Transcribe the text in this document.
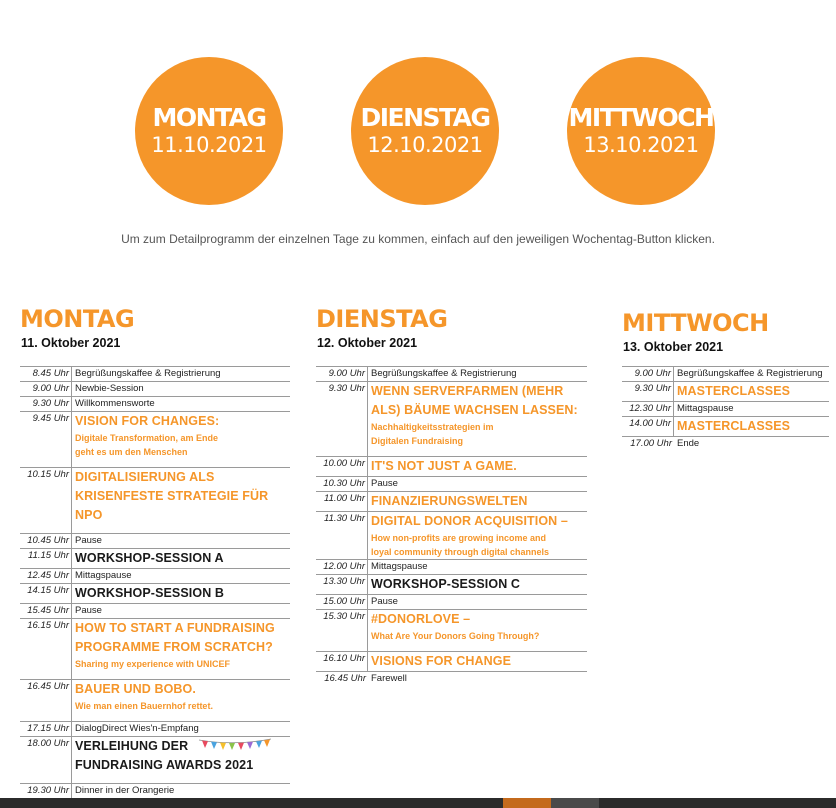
MONTAG
11.10.2021
DIENSTAG
12.10.2021
MITTWOCH
13.10.2021

Um zum Detailprogramm der einzelnen Tage zu kommen, einfach auf den jeweiligen Wochentag-Button klicken.

MONTAG
11. Oktober 2021
8.45 Uhr Begrüßungskaffee & Registrierung
9.00 Uhr Newbie-Session
9.30 Uhr Willkommensworte
9.45 Uhr VISION FOR CHANGES:
Digitale Transformation, am Ende
geht es um den Menschen
10.15 Uhr DIGITALISIERUNG ALS
KRISENFESTE STRATEGIE FÜR NPO
10.45 Uhr Pause
11.15 Uhr WORKSHOP-SESSION A
12.45 Uhr Mittagspause
14.15 Uhr WORKSHOP-SESSION B
15.45 Uhr Pause
16.15 Uhr HOW TO START A FUNDRAISING
PROGRAMME FROM SCRATCH?
Sharing my experience with UNICEF
16.45 Uhr BAUER UND BOBO.
Wie man einen Bauernhof rettet.
17.15 Uhr DialogDirect Wies'n-Empfang
18.00 Uhr VERLEIHUNG DER
FUNDRAISING AWARDS 2021
19.30 Uhr Dinner in der Orangerie
DIENSTAG
12. Oktober 2021
9.00 Uhr Begrüßungskaffee & Registrierung
9.30 Uhr WENN SERVERFARMEN (MEHR
ALS) BÄUME WACHSEN LASSEN:
Nachhaltigkeitsstrategien im
Digitalen Fundraising
10.00 Uhr IT'S NOT JUST A GAME.
10.30 Uhr Pause
11.00 Uhr FINANZIERUNGSWELTEN
11.30 Uhr DIGITAL DONOR ACQUISITION –
How non-profits are growing income and
loyal community through digital channels
12.00 Uhr Mittagspause
13.30 Uhr WORKSHOP-SESSION C
15.00 Uhr Pause
15.30 Uhr #DONORLOVE –
What Are Your Donors Going Through?
16.10 Uhr VISIONS FOR CHANGE
16.45 Uhr Farewell
MITTWOCH
13. Oktober 2021
9.00 Uhr Begrüßungskaffee & Registrierung
9.30 Uhr MASTERCLASSES
12.30 Uhr Mittagspause
14.00 Uhr MASTERCLASSES
17.00 Uhr Ende
